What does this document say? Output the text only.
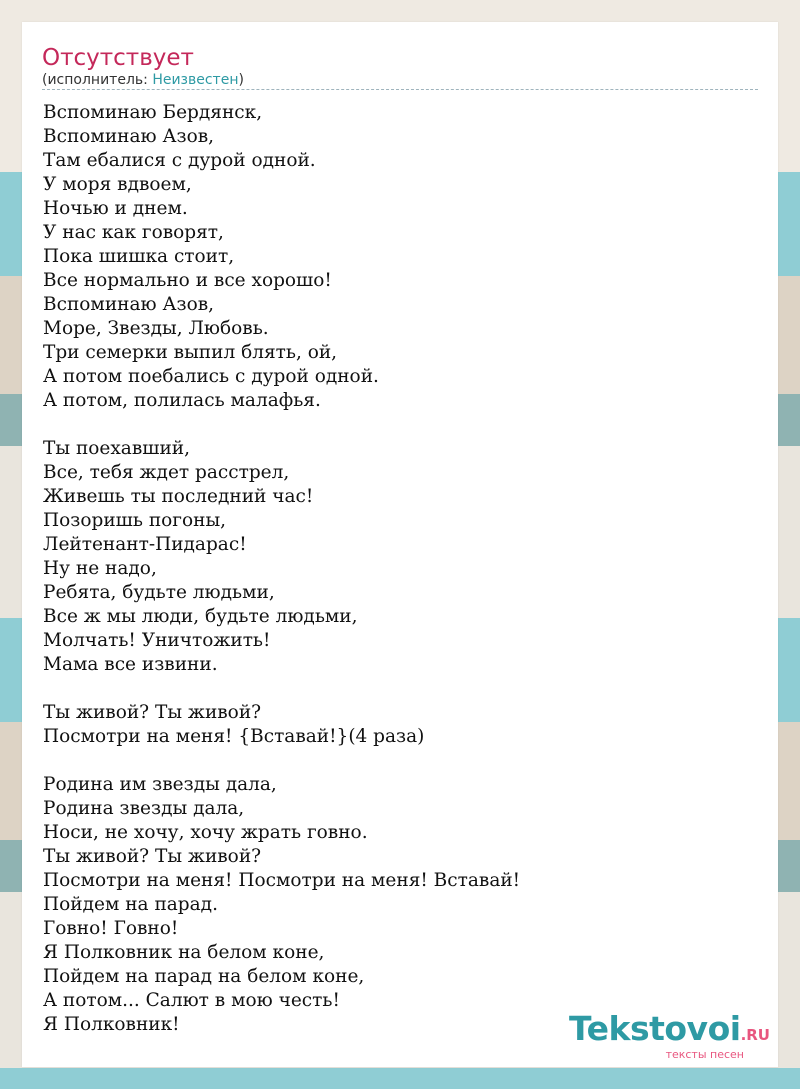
Отсутствует
(исполнитель: Неизвестен)
Вспоминаю Бердянск,
Вспоминаю Азов,
Там ебалися с дурой одной.
У моря вдвоем,
Ночью и днем.
У нас как говорят,
Пока шишка стоит,
Все нормально и все хорошо!
Вспоминаю Азов,
Море, Звезды, Любовь.
Три семерки выпил блять, ой,
А потом поебались с дурой одной.
А потом, полилась малафья.
Ты поехавший,
Все, тебя ждет расстрел,
Живешь ты последний час!
Позоришь погоны,
Лейтенант-Пидарас!
Ну не надо,
Ребята, будьте людьми,
Все ж мы люди, будьте людьми,
Молчать! Уничтожить!
Мама все извини.
Ты живой? Ты живой?
Посмотри на меня! {Вставай!}(4 раза)
Родина им звезды дала,
Родина звезды дала,
Носи, не хочу, хочу жрать говно.
Ты живой? Ты живой?
Посмотри на меня! Посмотри на меня! Вставай!
Пойдем на парад.
Говно! Говно!
Я Полковник на белом коне,
Пойдем на парад на белом коне,
А потом... Салют в мою честь!
Я Полковник!	Tekstovoi.RU
тексты песен
